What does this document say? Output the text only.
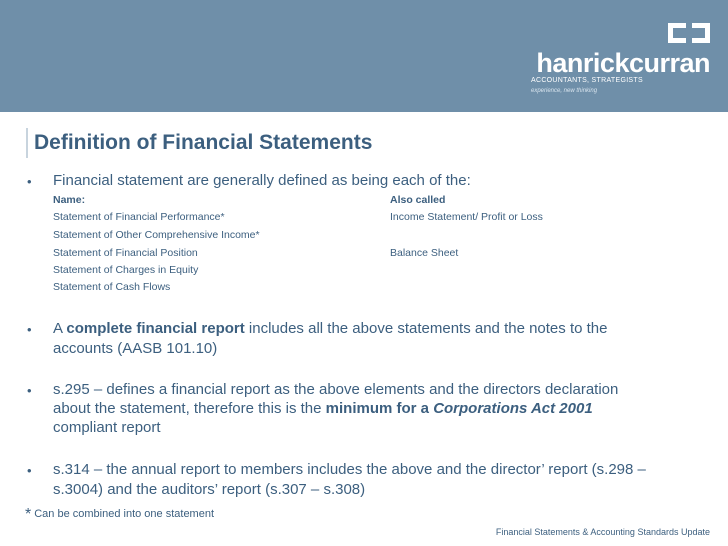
hanrickcurran
ACCOUNTANTS, STRATEGISTS
experience, new thinking
Definition of Financial Statements
• Financial statement are generally defined as being each of the:
Name:	Also called
Statement of Financial Performance*	Income Statement/ Profit or Loss
Statement of Other Comprehensive Income*
Statement of Financial Position	Balance Sheet
Statement of Charges in Equity
Statement of Cash Flows
• A complete financial report includes all the above statements and the notes to the
accounts (AASB 101.10)
• s.295 – defines a financial report as the above elements and the directors declaration
about the statement, therefore this is the minimum for a Corporations Act 2001
compliant report
• s.314 – the annual report to members includes the above and the director’ report (s.298 –
s.3004) and the auditors’ report (s.307 – s.308)
* Can be combined into one statement
Financial Statements & Accounting Standards Update
